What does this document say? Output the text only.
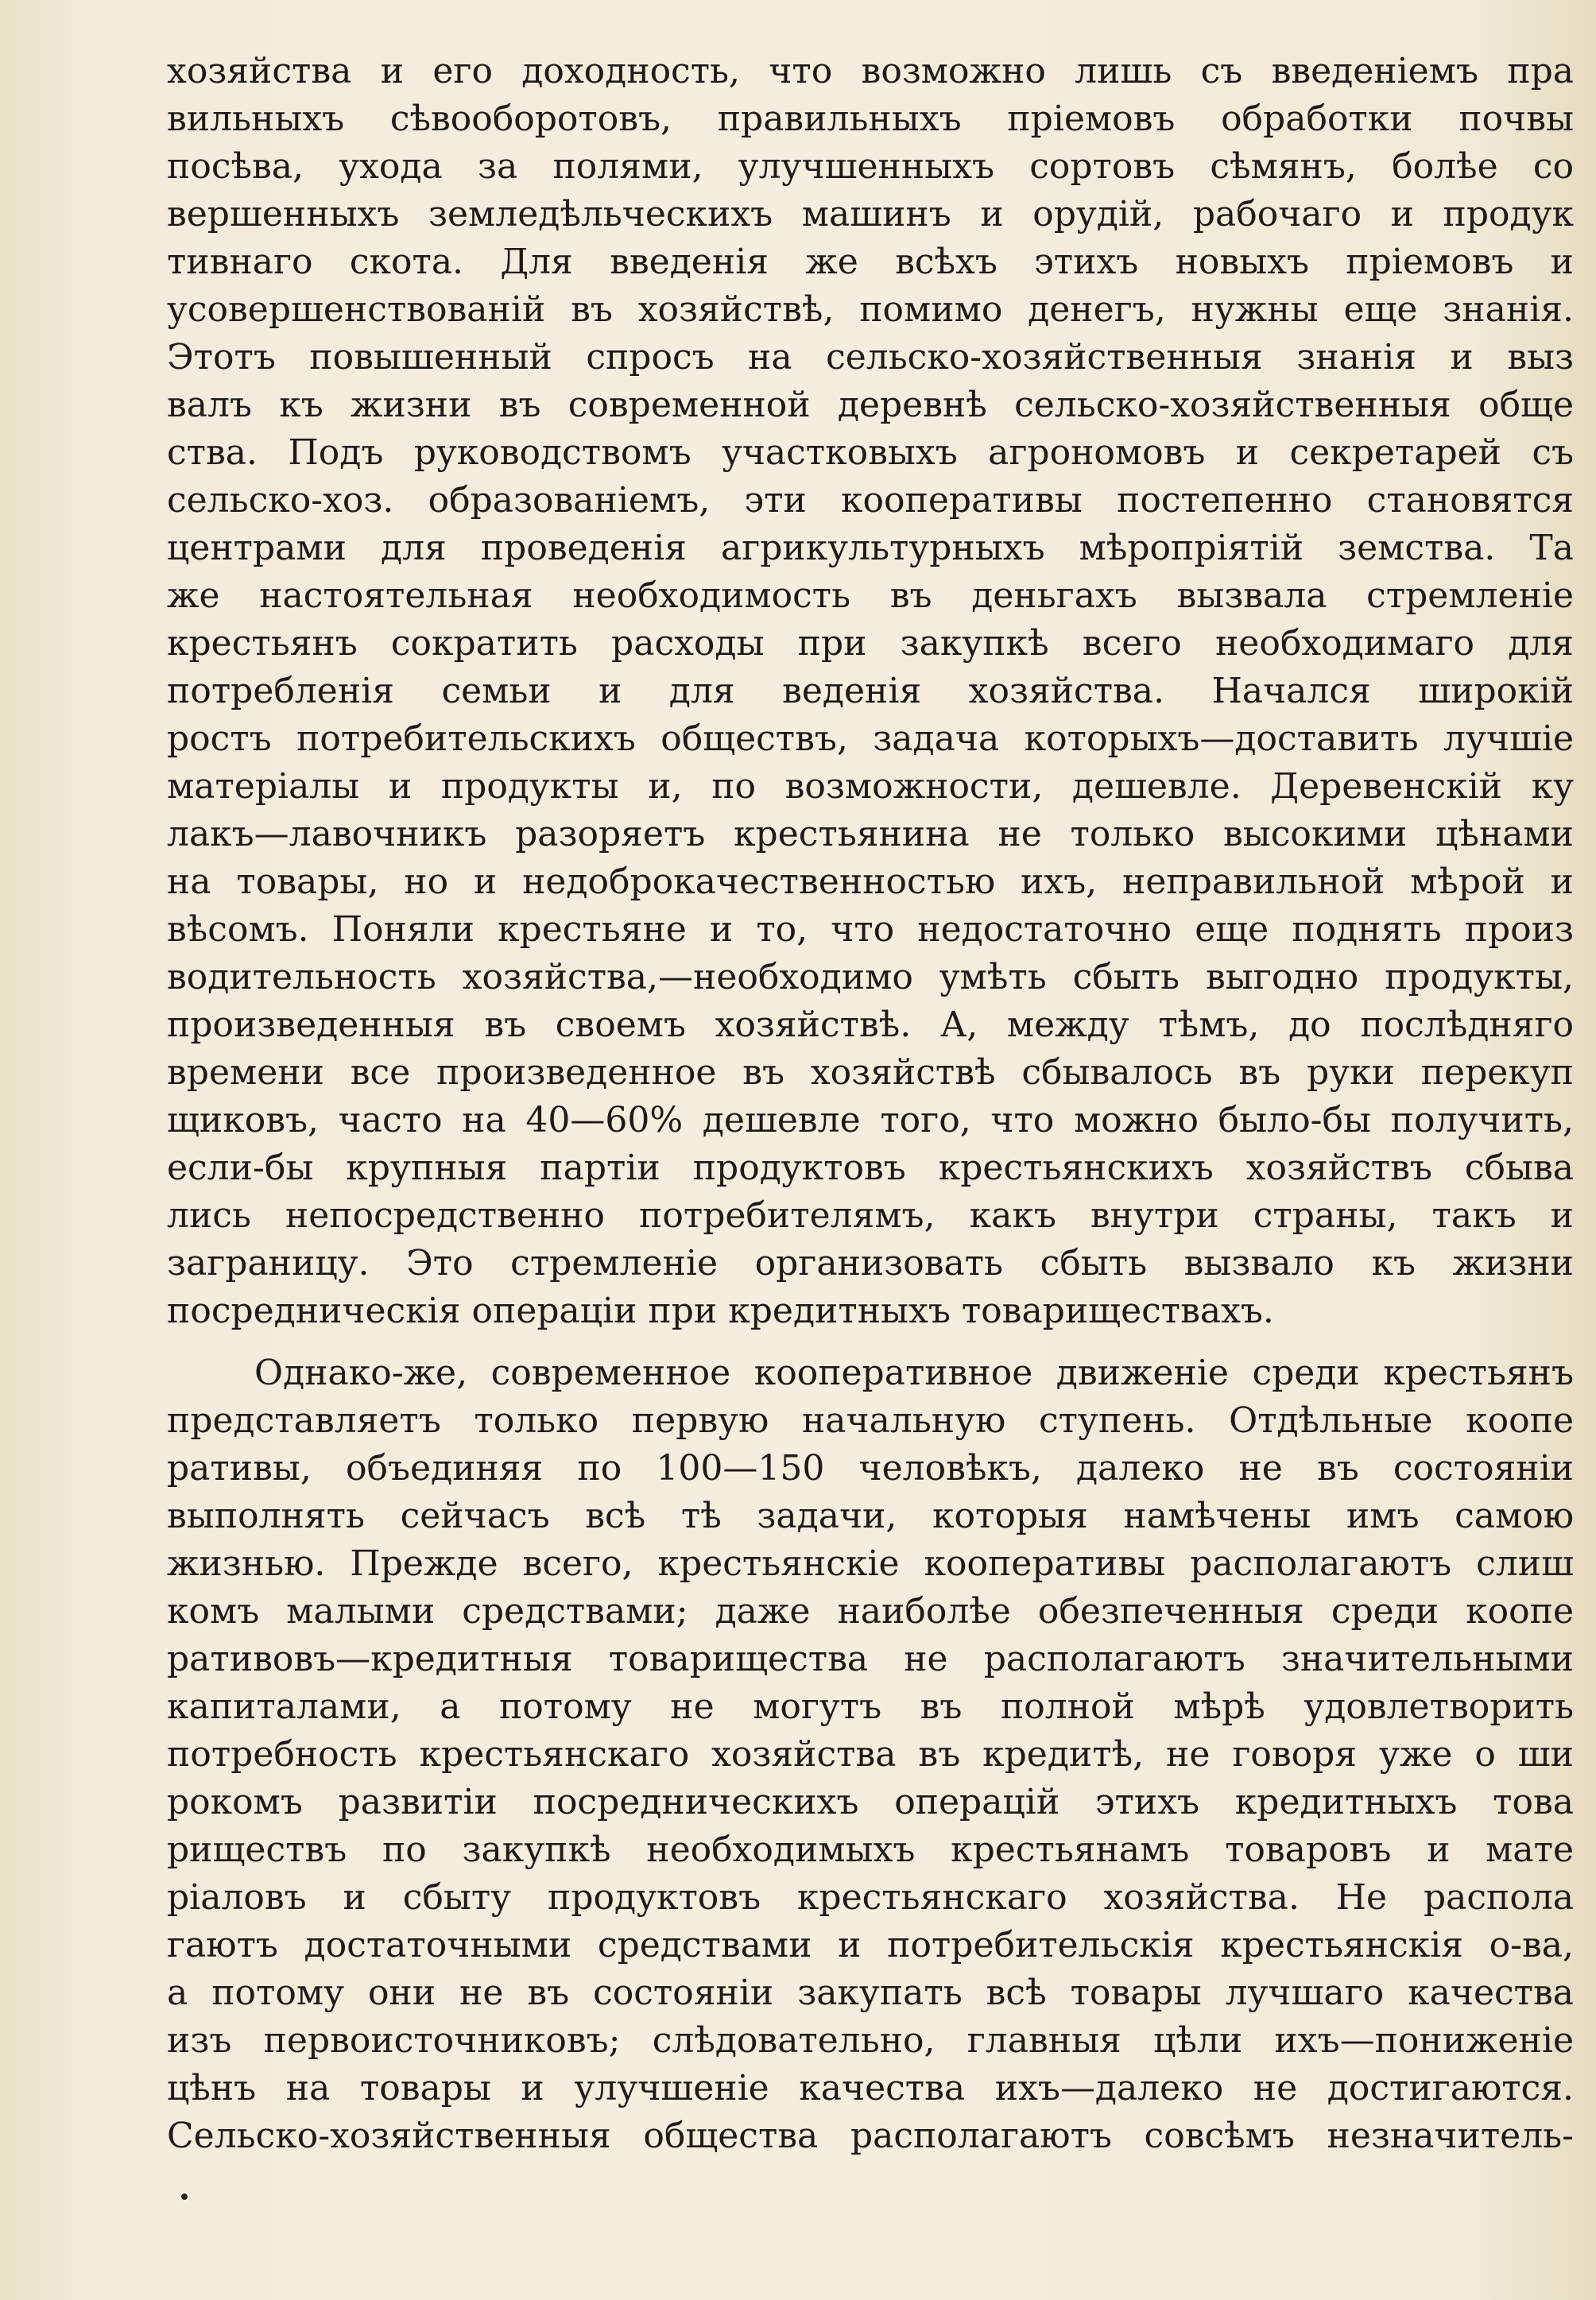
хозяйства и его доходность, что возможно лишь съ введеніемъ пра
вильныхъ сѣвооборотовъ, правильныхъ пріемовъ обработки почвы
посѣва, ухода за полями, улучшенныхъ сортовъ сѣмянъ, болѣе со
вершенныхъ земледѣльческихъ машинъ и орудій, рабочаго и продук
тивнаго скота. Для введенія же всѣхъ этихъ новыхъ пріемовъ и
усовершенствованій въ хозяйствѣ, помимо денегъ, нужны еще знанія.
Этотъ повышенный спросъ на сельско-хозяйственныя знанія и выз
валъ къ жизни въ современной деревнѣ сельско-хозяйственныя обще
ства. Подъ руководствомъ участковыхъ агрономовъ и секретарей съ
сельско-хоз. образованіемъ, эти кооперативы постепенно становятся
центрами для проведенія агрикультурныхъ мѣропріятій земства. Та
же настоятельная необходимость въ деньгахъ вызвала стремленіе
крестьянъ сократить расходы при закупкѣ всего необходимаго для
потребленія семьи и для веденія хозяйства. Начался широкій
ростъ потребительскихъ обществъ, задача которыхъ—доставить лучшіе
матеріалы и продукты и, по возможности, дешевле. Деревенскій ку
лакъ—лавочникъ разоряетъ крестьянина не только высокими цѣнами
на товары, но и недоброкачественностью ихъ, неправильной мѣрой и
вѣсомъ. Поняли крестьяне и то, что недостаточно еще поднять произ
водительность хозяйства,—необходимо умѣть сбыть выгодно продукты,
произведенныя въ своемъ хозяйствѣ. А, между тѣмъ, до послѣдняго
времени все произведенное въ хозяйствѣ сбывалось въ руки перекуп
щиковъ, часто на 40—60% дешевле того, что можно было-бы получить,
если-бы крупныя партіи продуктовъ крестьянскихъ хозяйствъ сбыва
лись непосредственно потребителямъ, какъ внутри страны, такъ и
заграницу. Это стремленіе организовать сбыть вызвало къ жизни
посредническія операціи при кредитныхъ товариществахъ.
Однако-же, современное кооперативное движеніе среди крестьянъ
представляетъ только первую начальную ступень. Отдѣльные коопе
ративы, объединяя по 100—150 человѣкъ, далеко не въ состояніи
выполнять сейчасъ всѣ тѣ задачи, которыя намѣчены имъ самою
жизнью. Прежде всего, крестьянскіе кооперативы располагаютъ слиш
комъ малыми средствами; даже наиболѣе обезпеченныя среди коопе
ративовъ—кредитныя товарищества не располагаютъ значительными
капиталами, а потому не могутъ въ полной мѣрѣ удовлетворить
потребность крестьянскаго хозяйства въ кредитѣ, не говоря уже о ши
рокомъ развитіи посредническихъ операцій этихъ кредитныхъ това
риществъ по закупкѣ необходимыхъ крестьянамъ товаровъ и мате
ріаловъ и сбыту продуктовъ крестьянскаго хозяйства. Не распола
гаютъ достаточными средствами и потребительскія крестьянскія о-ва,
а потому они не въ состояніи закупать всѣ товары лучшаго качества
изъ первоисточниковъ; слѣдовательно, главныя цѣли ихъ—пониженіе
цѣнъ на товары и улучшеніе качества ихъ—далеко не достигаются.
Сельско-хозяйственныя общества располагаютъ совсѣмъ незначитель-
